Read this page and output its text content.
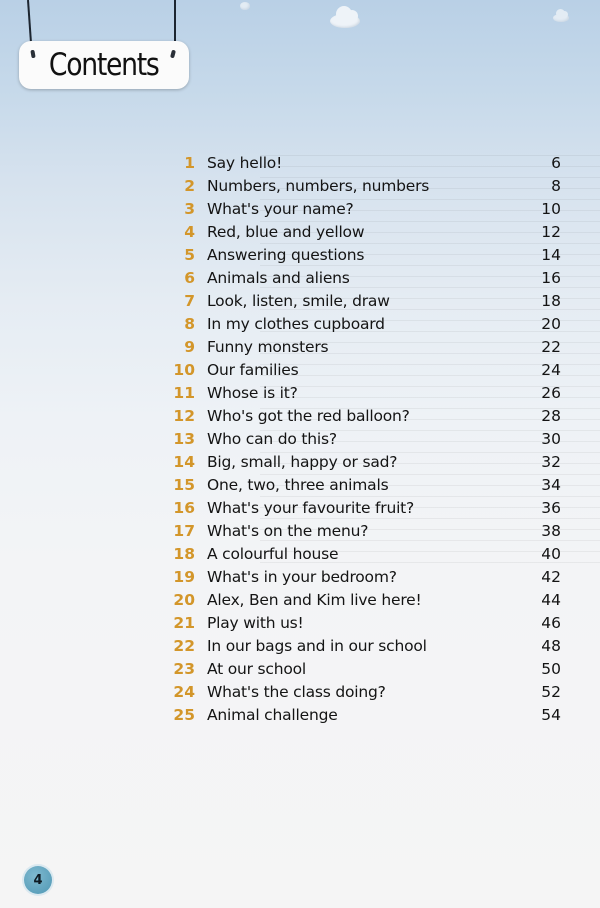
Contents
1 Say hello!	6
2 Numbers, numbers, numbers	8
3 What's your name?	10
4 Red, blue and yellow	12
5 Answering questions	14
6 Animals and aliens	16
7 Look, listen, smile, draw	18
8 In my clothes cupboard	20
9 Funny monsters	22
10 Our families	24
11 Whose is it?	26
12 Who's got the red balloon?	28
13 Who can do this?	30
14 Big, small, happy or sad?	32
15 One, two, three animals	34
16 What's your favourite fruit?	36
17 What's on the menu?	38
18 A colourful house	40
19 What's in your bedroom?	42
20 Alex, Ben and Kim live here!	44
21 Play with us!	46
22 In our bags and in our school	48
23 At our school	50
24 What's the class doing?	52
25 Animal challenge	54
4
